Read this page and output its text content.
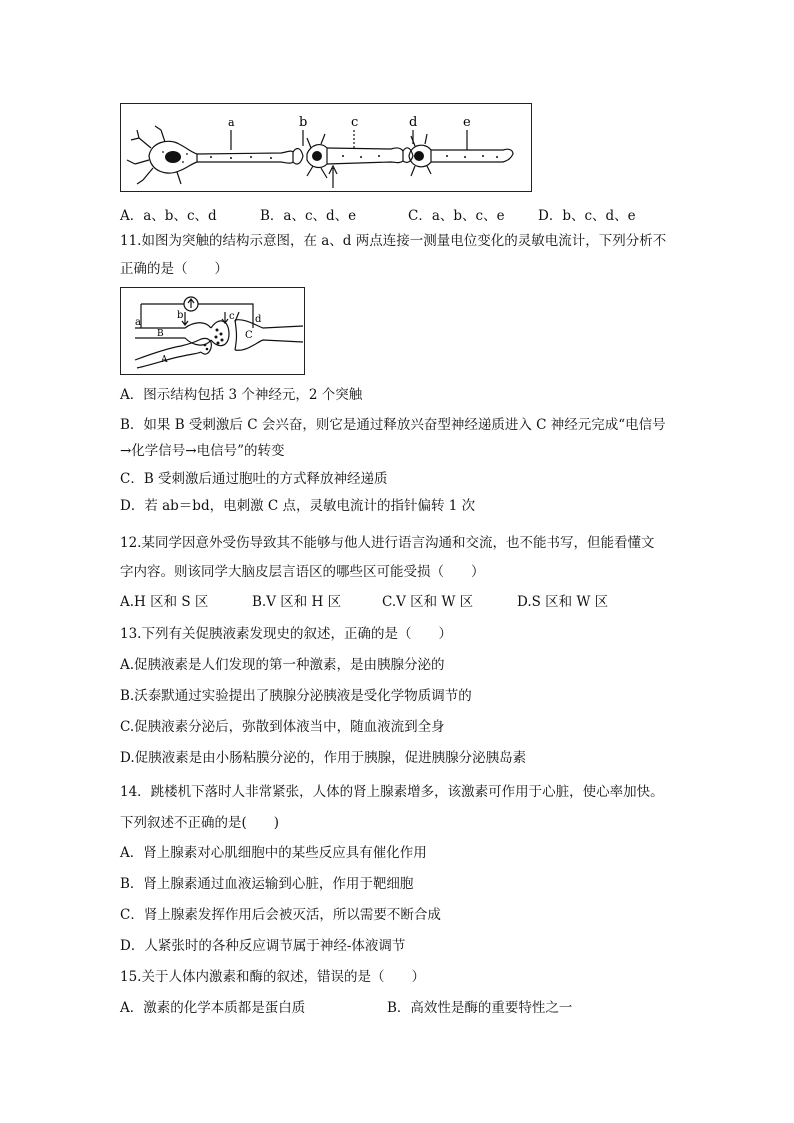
a	b	c	d	e
A．a、b、c、d	B．a、c、d、e	C．a、b、c、e D．b、c、d、e
11.如图为突触的结构示意图，在 a、d 两点连接一测量电位变化的灵敏电流计，下列分析不
正确的是（　　）
a
b	c d
B	C
A
A．图示结构包括 3 个神经元，2 个突触
B．如果 B 受刺激后 C 会兴奋，则它是通过释放兴奋型神经递质进入 C 神经元完成“电信号
→化学信号→电信号”的转变
C．B 受刺激后通过胞吐的方式释放神经递质
D．若 ab＝bd，电刺激 C 点，灵敏电流计的指针偏转 1 次
12.某同学因意外受伤导致其不能够与他人进行语言沟通和交流，也不能书写，但能看懂文
字内容。则该同学大脑皮层言语区的哪些区可能受损（　　）
A.H 区和 S 区	B.V 区和 H 区	C.V 区和 W 区	D.S 区和 W 区
13.下列有关促胰液素发现史的叙述，正确的是（　　）
A.促胰液素是人们发现的第一种激素，是由胰腺分泌的
B.沃泰默通过实验提出了胰腺分泌胰液是受化学物质调节的
C.促胰液素分泌后，弥散到体液当中，随血液流到全身
D.促胰液素是由小肠粘膜分泌的，作用于胰腺，促进胰腺分泌胰岛素
14．跳楼机下落时人非常紧张，人体的肾上腺素增多，该激素可作用于心脏，使心率加快。
下列叙述不正确的是(　　)
A．肾上腺素对心肌细胞中的某些反应具有催化作用
B．肾上腺素通过血液运输到心脏，作用于靶细胞
C．肾上腺素发挥作用后会被灭活，所以需要不断合成
D．人紧张时的各种反应调节属于神经-体液调节
15.关于人体内激素和酶的叙述，错误的是（　　）
A．激素的化学本质都是蛋白质	B．高效性是酶的重要特性之一
